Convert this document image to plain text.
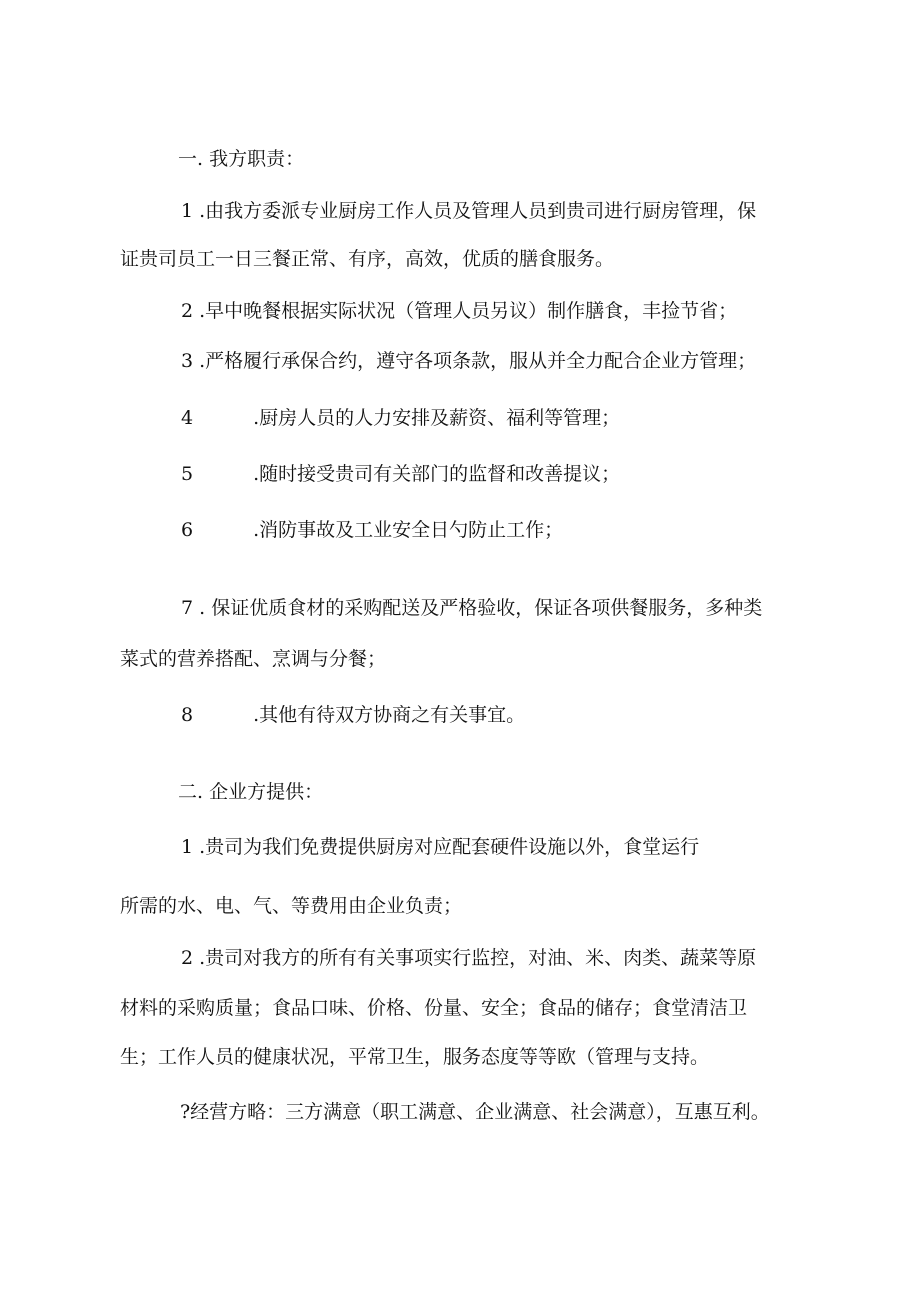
一. 我方职责：
1 .由我方委派专业厨房工作人员及管理人员到贵司进行厨房管理，保
证贵司员工一日三餐正常、有序，高效，优质的膳食服务。
2 .早中晚餐根据实际状况（管理人员另议）制作膳食，丰捡节省；
3 .严格履行承保合约，遵守各项条款，服从并全力配合企业方管理；
4	.厨房人员的人力安排及薪资、福利等管理；
5	.随时接受贵司有关部门的监督和改善提议；
6	.消防事故及工业安全日勺防止工作；
7 . 保证优质食材的采购配送及严格验收，保证各项供餐服务，多种类
菜式的营养搭配、烹调与分餐；
8	.其他有待双方协商之有关事宜。
二. 企业方提供：
1 .贵司为我们免费提供厨房对应配套硬件设施以外，食堂运行
所需的水、电、气、等费用由企业负责；
2 .贵司对我方的所有有关事项实行监控，对油、米、肉类、蔬菜等原
材料的采购质量；食品口味、价格、份量、安全；食品的储存；食堂清洁卫
生；工作人员的健康状况，平常卫生，服务态度等等欧（管理与支持。
?经营方略：三方满意（职工满意、企业满意、社会满意），互惠互利。
